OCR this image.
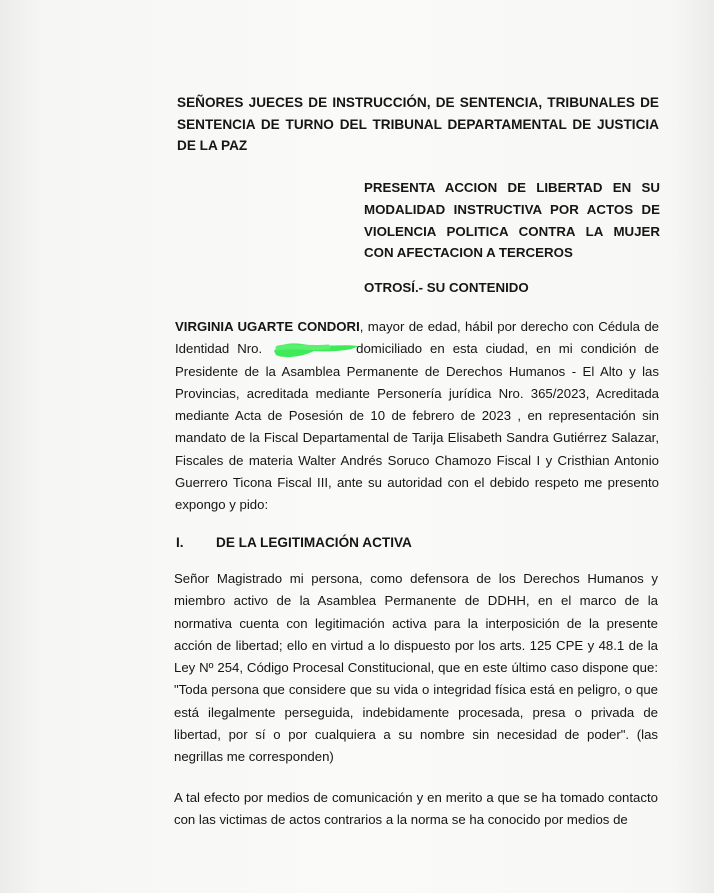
SEÑORES JUECES DE INSTRUCCIÓN, DE SENTENCIA, TRIBUNALES DE SENTENCIA DE TURNO DEL TRIBUNAL DEPARTAMENTAL DE JUSTICIA DE LA PAZ
PRESENTA ACCION DE LIBERTAD EN SU MODALIDAD INSTRUCTIVA POR ACTOS DE VIOLENCIA POLITICA CONTRA LA MUJER CON AFECTACION A TERCEROS
OTROSÍ.- SU CONTENIDO
VIRGINIA UGARTE CONDORI, mayor de edad, hábil por derecho con Cédula de Identidad Nro.	domiciliado en esta ciudad, en mi condición de Presidente de la Asamblea Permanente de Derechos Humanos - El Alto y las Provincias, acreditada mediante Personería jurídica Nro. 365/2023, Acreditada mediante Acta de Posesión de 10 de febrero de 2023 , en representación sin mandato de la Fiscal Departamental de Tarija Elisabeth Sandra Gutiérrez Salazar, Fiscales de materia Walter Andrés Soruco Chamozo Fiscal I y Cristhian Antonio Guerrero Ticona Fiscal III, ante su autoridad con el debido respeto me presento expongo y pido:
I. DE LA LEGITIMACIÓN ACTIVA
Señor Magistrado mi persona, como defensora de los Derechos Humanos y miembro activo de la Asamblea Permanente de DDHH, en el marco de la normativa cuenta con legitimación activa para la interposición de la presente acción de libertad; ello en virtud a lo dispuesto por los arts. 125 CPE y 48.1 de la Ley Nº 254, Código Procesal Constitucional, que en este último caso dispone que: "Toda persona que considere que su vida o integridad física está en peligro, o que está ilegalmente perseguida, indebidamente procesada, presa o privada de libertad, por sí o por cualquiera a su nombre sin necesidad de poder". (las negrillas me corresponden)
A tal efecto por medios de comunicación y en merito a que se ha tomado contacto con las victimas de actos contrarios a la norma se ha conocido por medios de
